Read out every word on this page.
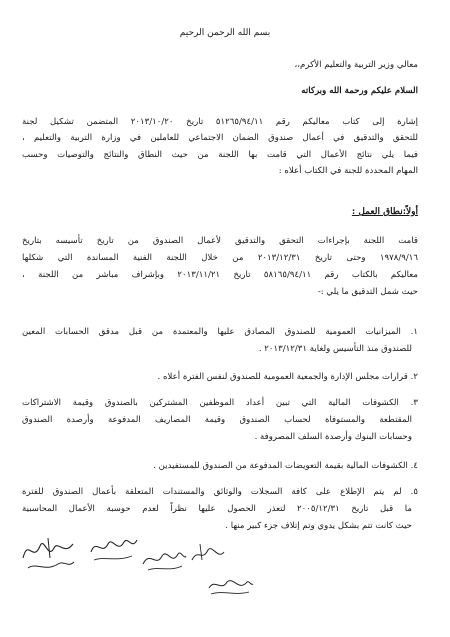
بسم الله الرحمن الرحيم
معالي وزير التربية والتعليم الأكرم،،
السلام عليكم ورحمة الله وبركاته
إشارة إلى كتاب معاليكم رقم ٥١٢٦٥/٩٤/١١ تاريخ ٢٠١٣/١٠/٢٠ المتضمن تشكيل لجنة
للتحقق والتدقيق في أعمال صندوق الضمان الاجتماعي للعاملين في وزارة التربية والتعليم ،
فيما يلي نتائج الأعمال التي قامت بها اللجنة من حيث النطاق والنتائج والتوصيات وحسب
المهام المحددة للجنة في الكتاب أعلاه :
أولاً:نطاق العمل :
قامت اللجنة بإجراءات التحقق والتدقيق لأعمال الصندوق من تاريخ تأسيسه بتاريخ
١٩٧٨/٩/١٦ وحتى تاريخ ٢٠١٣/١٢/٣١ من خلال اللجنة الفنية المساندة التي شكلها
معاليكم بالكتاب رقم ٥٨١٦٥/٩٤/١١ تاريخ ٢٠١٣/١١/٢١ وبإشراف مباشر من اللجنة ،
حيث شمل التدقيق ما يلي :-
١. الميزانيات العمومية للصندوق المصادق عليها والمعتمدة من قبل مدقق الحسابات المعين
للصندوق منذ التأسيس ولغاية ٢٠١٣/١٢/٣١ .
٢. قرارات مجلس الإدارة والجمعية العمومية للصندوق لنفس الفترة أعلاه .
٣. الكشوفات المالية التي تبين أعداد الموظفين المشتركين بالصندوق وقيمة الاشتراكات
المقتطعة والمستوفاة لحساب الصندوق وقيمة المصاريف المدفوعة وأرصدة الصندوق
وحسابات البنوك وأرصدة السلف المصروفة .
٤. الكشوفات المالية بقيمة التعويضات المدفوعة من الصندوق للمستفيدين .
٥. لم يتم الإطلاع على كافة السجلات والوثائق والمستندات المتعلقة بأعمال الصندوق للفترة
ما قبل تاريخ ٢٠٠٥/١٢/٣١ لتعذر الحصول عليها نظراً لعدم حوسبة الأعمال المحاسبية
حيث كانت تتم بشكل يدوي وتم إتلاف جزء كبير منها .
